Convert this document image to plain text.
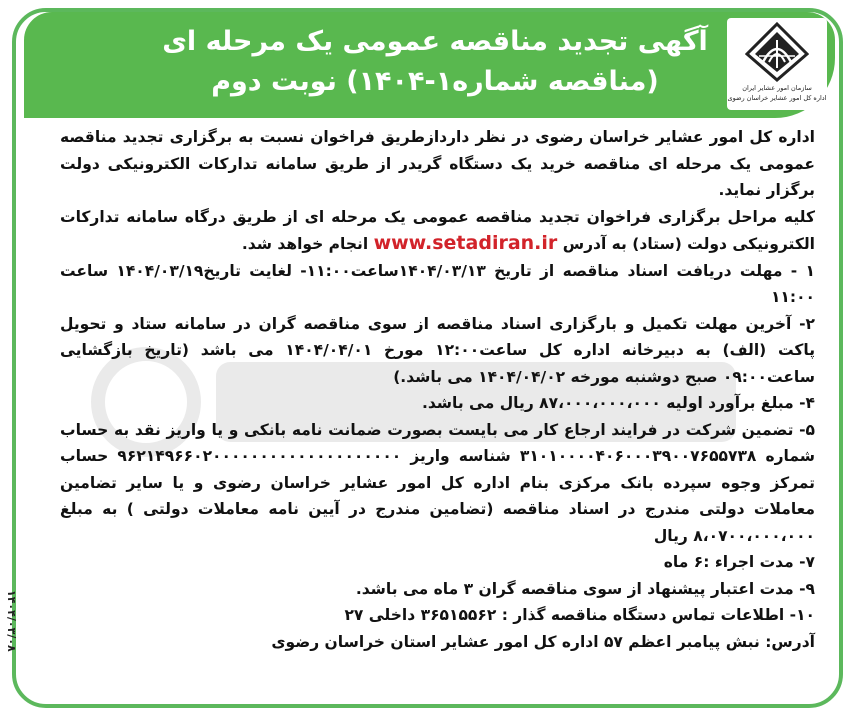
آگهی تجدید مناقصه عمومی یک مرحله ای
(مناقصه شماره۱-۱۴۰۴) نوبت دوم	سازمان امور عشایر ایران
اداره کل امور عشایر خراسان رضوی

اداره کل امور عشایر خراسان رضوی در نظر داردازطریق فراخوان نسبت به برگزاری تجدید مناقصه عمومی یک مرحله ای مناقصه خرید یک دستگاه گریدر از طریق سامانه تدارکات الکترونیکی دولت برگزار نماید.

کلیه مراحل برگزاری فراخوان تجدید مناقصه عمومی یک مرحله ای از طریق درگاه سامانه تدارکات الکترونیکی دولت (ستاد) به آدرس www.setadiran.ir انجام خواهد شد.

۱ - مهلت دریافت اسناد مناقصه از تاریخ ۱۴۰۴/۰۳/۱۳ساعت۱۱:۰۰- لغایت تاریخ۱۴۰۴/۰۳/۱۹ ساعت ۱۱:۰۰

۲- آخرین مهلت تکمیل و بارگزاری اسناد مناقصه از سوی مناقصه گران در سامانه ستاد و تحویل پاکت (الف) به دبیرخانه اداره کل ساعت۱۲:۰۰ مورخ ۱۴۰۴/۰۴/۰۱ می باشد (تاریخ بازگشایی ساعت۰۹:۰۰ صبح دوشنبه مورخه ۱۴۰۴/۰۴/۰۲ می باشد.)

۴- مبلغ برآورد اولیه ۸۷،۰۰۰،۰۰۰،۰۰۰ ریال می باشد.

۵- تضمین شرکت در فرایند ارجاع کار می بایست بصورت ضمانت نامه بانکی و یا واریز نقد به حساب شماره ۳۱۰۱۰۰۰۰۴۰۶۰۰۰۳۹۰۰۷۶۵۵۷۳۸ شناسه واریز ۹۶۲۱۴۹۶۶۰۲۰۰۰۰۰۰۰۰۰۰۰۰۰۰۰۰۰۰۰۰ حساب تمرکز وجوه سپرده بانک مرکزی بنام اداره کل امور عشایر خراسان رضوی و یا سایر تضامین معاملات دولتی مندرج در اسناد مناقصه (تضامین مندرج در آیین نامه معاملات دولتی ) به مبلغ ۸،۰۷۰۰،۰۰۰،۰۰۰ ریال

۷- مدت اجراء :۶ ماه

۹- مدت اعتبار پیشنهاد از سوی مناقصه گران ۳ ماه می باشد.

۱۰- اطلاعات تماس دستگاه مناقصه گذار : ۳۶۵۱۵۵۶۲ داخلی ۲۷

آدرس: نبش پیامبر اعظم ۵۷ اداره کل امور عشایر استان خراسان رضوی

۱۴۰۴/۰۳/۰۸
